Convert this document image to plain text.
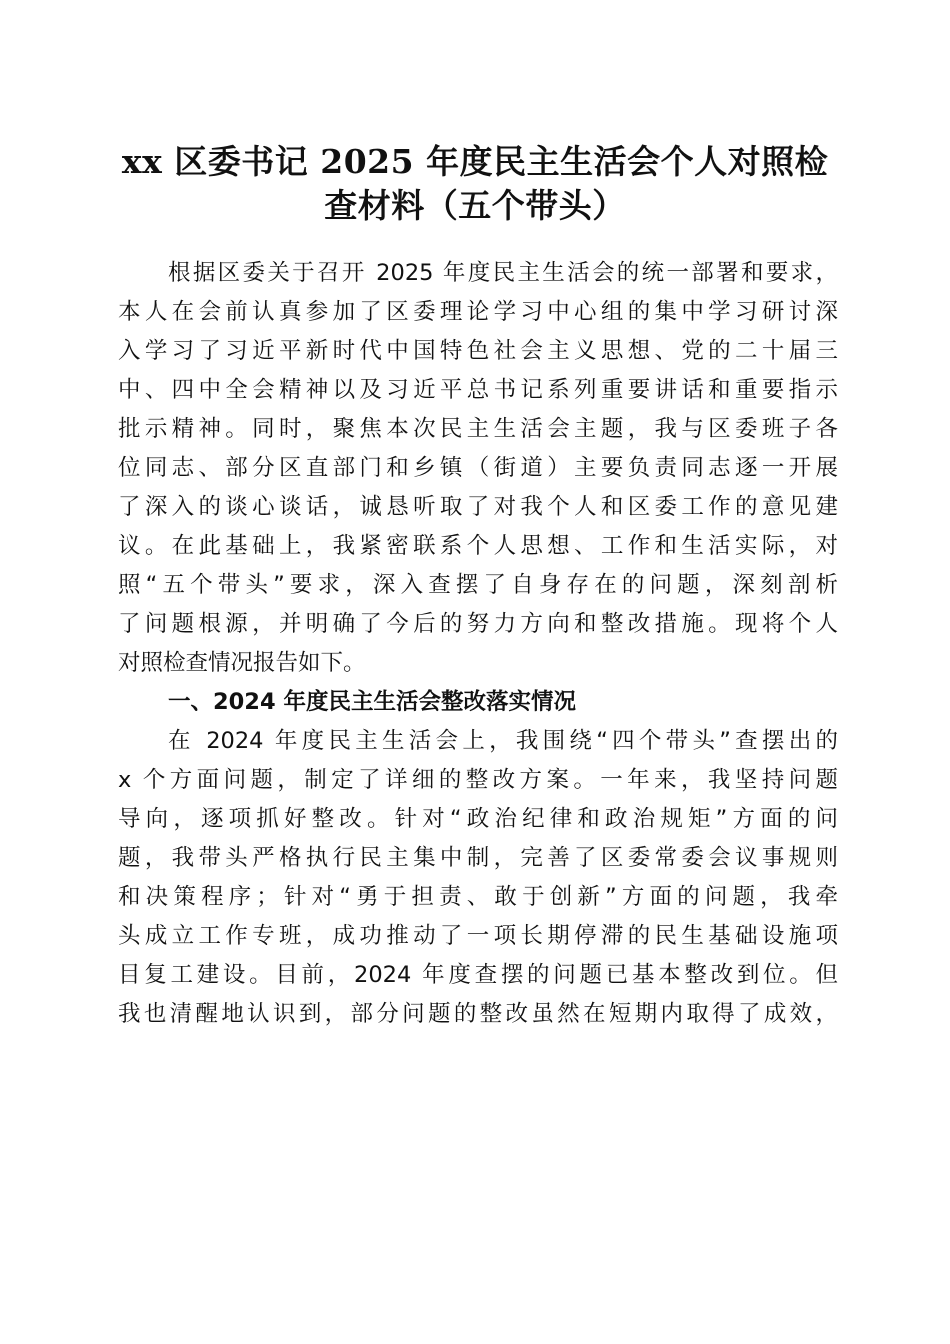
xx 区委书记 2025 年度民主生活会个人对照检
查材料（五个带头）
根据区委关于召开 2025 年度民主生活会的统一部署和要求，
本人在会前认真参加了区委理论学习中心组的集中学习研讨深
入学习了习近平新时代中国特色社会主义思想、党的二十届三
中、四中全会精神以及习近平总书记系列重要讲话和重要指示
批示精神。同时，聚焦本次民主生活会主题，我与区委班子各
位同志、部分区直部门和乡镇（街道）主要负责同志逐一开展
了深入的谈心谈话，诚恳听取了对我个人和区委工作的意见建
议。在此基础上，我紧密联系个人思想、工作和生活实际，对
照“五个带头”要求，深入查摆了自身存在的问题，深刻剖析
了问题根源，并明确了今后的努力方向和整改措施。现将个人
对照检查情况报告如下。
一、2024 年度民主生活会整改落实情况
在 2024 年度民主生活会上，我围绕“四个带头”查摆出的
x 个方面问题，制定了详细的整改方案。一年来，我坚持问题
导向，逐项抓好整改。针对“政治纪律和政治规矩”方面的问
题，我带头严格执行民主集中制，完善了区委常委会议事规则
和决策程序；针对“勇于担责、敢于创新”方面的问题，我牵
头成立工作专班，成功推动了一项长期停滞的民生基础设施项
目复工建设。目前，2024 年度查摆的问题已基本整改到位。但
我也清醒地认识到，部分问题的整改虽然在短期内取得了成效，
